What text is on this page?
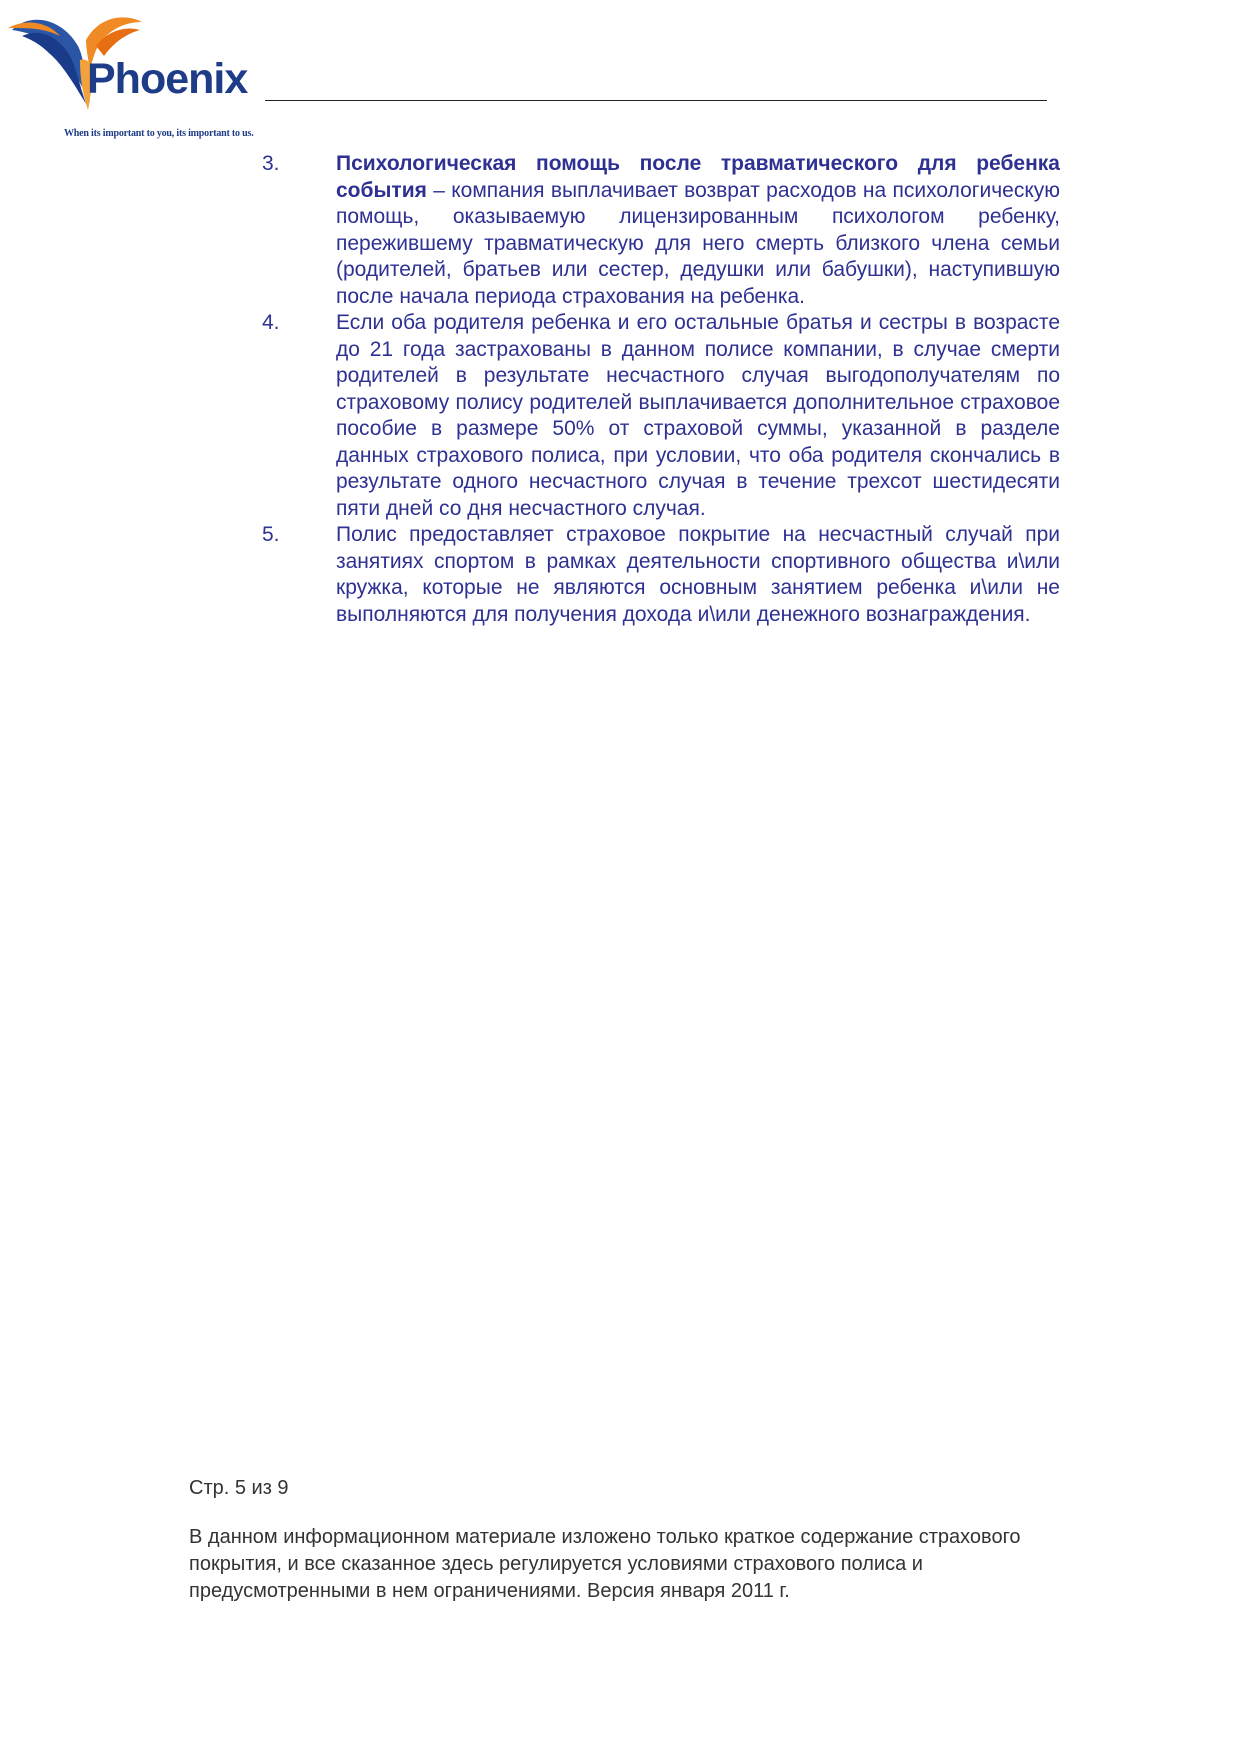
Phoenix
When its important to you, its important to us.
3.	Психологическая помощь после травматического для ребенка события – компания выплачивает возврат расходов на психологическую помощь, оказываемую лицензированным психологом ребенку, пережившему травматическую для него смерть близкого члена семьи (родителей, братьев или сестер, дедушки или бабушки), наступившую после начала периода страхования на ребенка.
4.	Если оба родителя ребенка и его остальные братья и сестры в возрасте до 21 года застрахованы в данном полисе компании, в случае смерти родителей в результате несчастного случая выгодополучателям по страховому полису родителей выплачивается дополнительное страховое пособие в размере 50% от страховой суммы, указанной в разделе данных страхового полиса, при условии, что оба родителя скончались в результате одного несчастного случая в течение трехсот шестидесяти пяти дней со дня несчастного случая.
5.	Полис предоставляет страховое покрытие на несчастный случай при занятиях спортом в рамках деятельности спортивного общества и\или кружка, которые не являются основным занятием ребенка и\или не выполняются для получения дохода и\или денежного вознаграждения.

Стр. 5 из 9

В данном информационном материале изложено только краткое содержание страхового покрытия, и все сказанное здесь регулируется условиями страхового полиса и предусмотренными в нем ограничениями. Версия января 2011 г.
